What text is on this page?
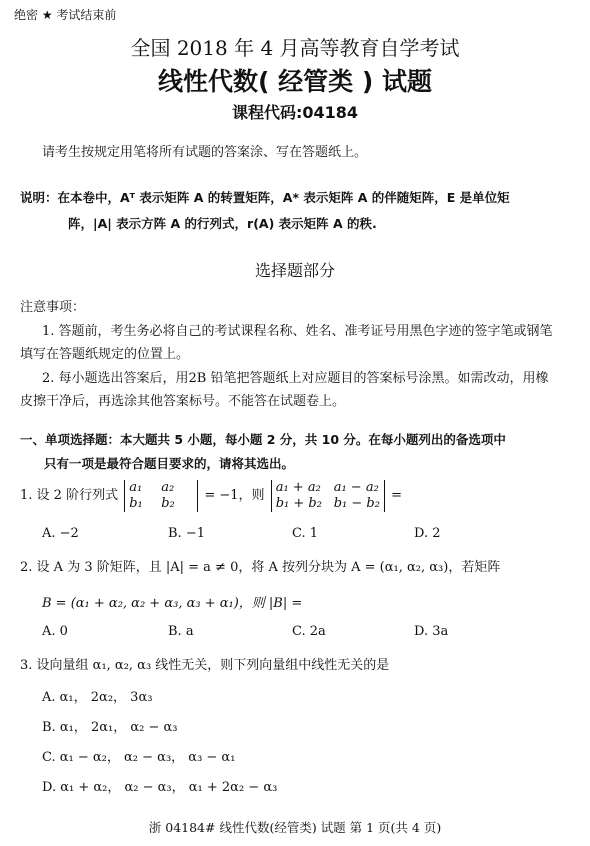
绝密 ★ 考试结束前
全国 2018 年 4 月高等教育自学考试
线性代数( 经管类 ) 试题
课程代码:04184
请考生按规定用笔将所有试题的答案涂、写在答题纸上。
说明：在本卷中，Aᵀ 表示矩阵 A 的转置矩阵，A* 表示矩阵 A 的伴随矩阵，E 是单位矩
阵，|A| 表示方阵 A 的行列式，r(A) 表示矩阵 A 的秩.
选择题部分
注意事项：
1. 答题前，考生务必将自己的考试课程名称、姓名、准考证号用黑色字迹的签字笔或钢笔
填写在答题纸规定的位置上。
2. 每小题选出答案后，用2B 铅笔把答题纸上对应题目的答案标号涂黑。如需改动，用橡
皮擦干净后，再选涂其他答案标号。不能答在试题卷上。
一、单项选择题：本大题共 5 小题，每小题 2 分，共 10 分。在每小题列出的备选项中
只有一项是最符合题目要求的，请将其选出。
1. 设 2 阶行列式
a₁ a₂
b₁ b₂	= −1，则
a₁ + a₂ a₁ − a₂
b₁ + b₂ b₁ − b₂ =
A. −2	B. −1	C. 1	D. 2
2. 设 A 为 3 阶矩阵，且 |A| = a ≠ 0，将 A 按列分块为 A = (α₁, α₂, α₃)，若矩阵
B = (α₁ + α₂, α₂ + α₃, α₃ + α₁)，则 |B| =
A. 0	B. a	C. 2a	D. 3a
3. 设向量组 α₁, α₂, α₃ 线性无关，则下列向量组中线性无关的是
A. α₁， 2α₂， 3α₃
B. α₁， 2α₁， α₂ − α₃
C. α₁ − α₂， α₂ − α₃， α₃ − α₁
D. α₁ + α₂， α₂ − α₃， α₁ + 2α₂ − α₃
浙 04184# 线性代数(经管类) 试题 第 1 页(共 4 页)
